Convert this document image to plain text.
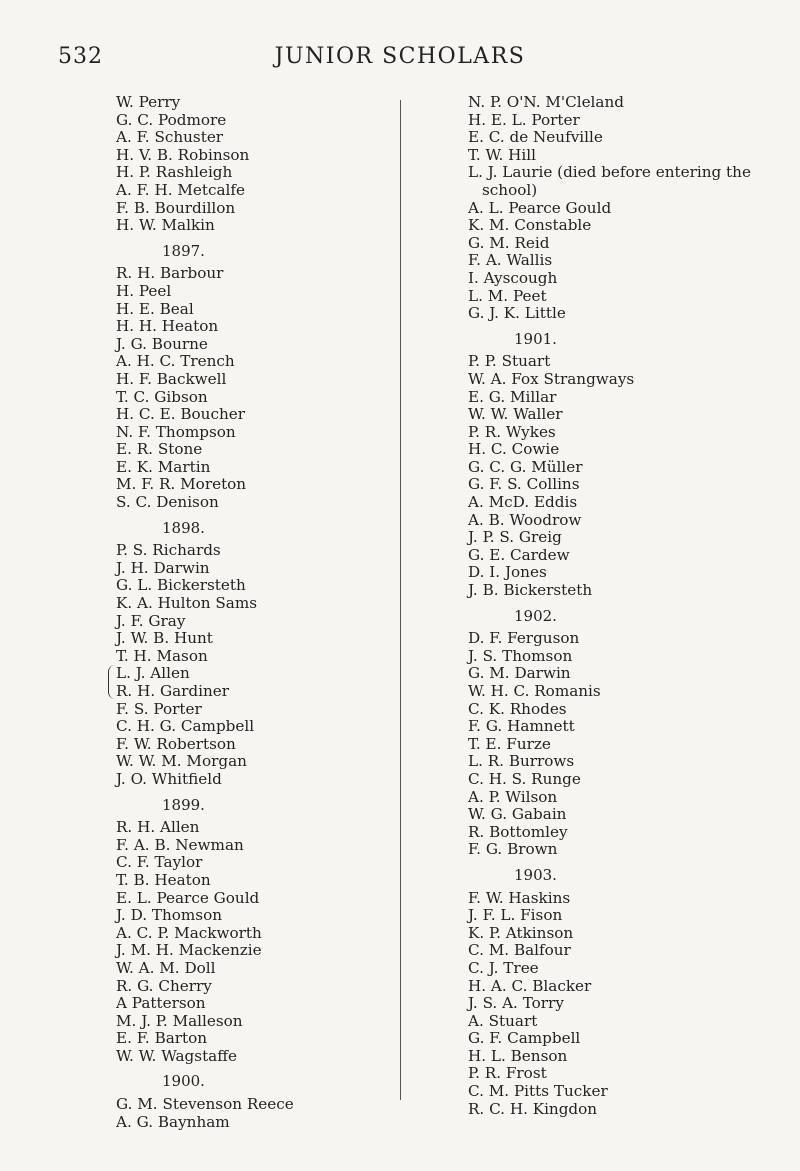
532	JUNIOR SCHOLARS
W. Perry
G. C. Podmore
A. F. Schuster
H. V. B. Robinson
H. P. Rashleigh
A. F. H. Metcalfe
F. B. Bourdillon
H. W. Malkin
1897.
R. H. Barbour
H. Peel
H. E. Beal
H. H. Heaton
J. G. Bourne
A. H. C. Trench
H. F. Backwell
T. C. Gibson
H. C. E. Boucher
N. F. Thompson
E. R. Stone
E. K. Martin
M. F. R. Moreton
S. C. Denison
1898.
P. S. Richards
J. H. Darwin
G. L. Bickersteth
K. A. Hulton Sams
J. F. Gray
J. W. B. Hunt
T. H. Mason
L. J. Allen
R. H. Gardiner
F. S. Porter
C. H. G. Campbell
F. W. Robertson
W. W. M. Morgan
J. O. Whitfield
1899.
R. H. Allen
F. A. B. Newman
C. F. Taylor
T. B. Heaton
E. L. Pearce Gould
J. D. Thomson
A. C. P. Mackworth
J. M. H. Mackenzie
W. A. M. Doll
R. G. Cherry
A Patterson
M. J. P. Malleson
E. F. Barton
W. W. Wagstaffe
1900.
G. M. Stevenson Reece
A. G. Baynham
N. P. O'N. M'Cleland
H. E. L. Porter
E. C. de Neufville
T. W. Hill
L. J. Laurie (died before entering the school)
A. L. Pearce Gould
K. M. Constable
G. M. Reid
F. A. Wallis
I. Ayscough
L. M. Peet
G. J. K. Little
1901.
P. P. Stuart
W. A. Fox Strangways
E. G. Millar
W. W. Waller
P. R. Wykes
H. C. Cowie
G. C. G. Müller
G. F. S. Collins
A. McD. Eddis
A. B. Woodrow
J. P. S. Greig
G. E. Cardew
D. I. Jones
J. B. Bickersteth
1902.
D. F. Ferguson
J. S. Thomson
G. M. Darwin
W. H. C. Romanis
C. K. Rhodes
F. G. Hamnett
T. E. Furze
L. R. Burrows
C. H. S. Runge
A. P. Wilson
W. G. Gabain
R. Bottomley
F. G. Brown
1903.
F. W. Haskins
J. F. L. Fison
K. P. Atkinson
C. M. Balfour
C. J. Tree
H. A. C. Blacker
J. S. A. Torry
A. Stuart
G. F. Campbell
H. L. Benson
P. R. Frost
C. M. Pitts Tucker
R. C. H. Kingdon
